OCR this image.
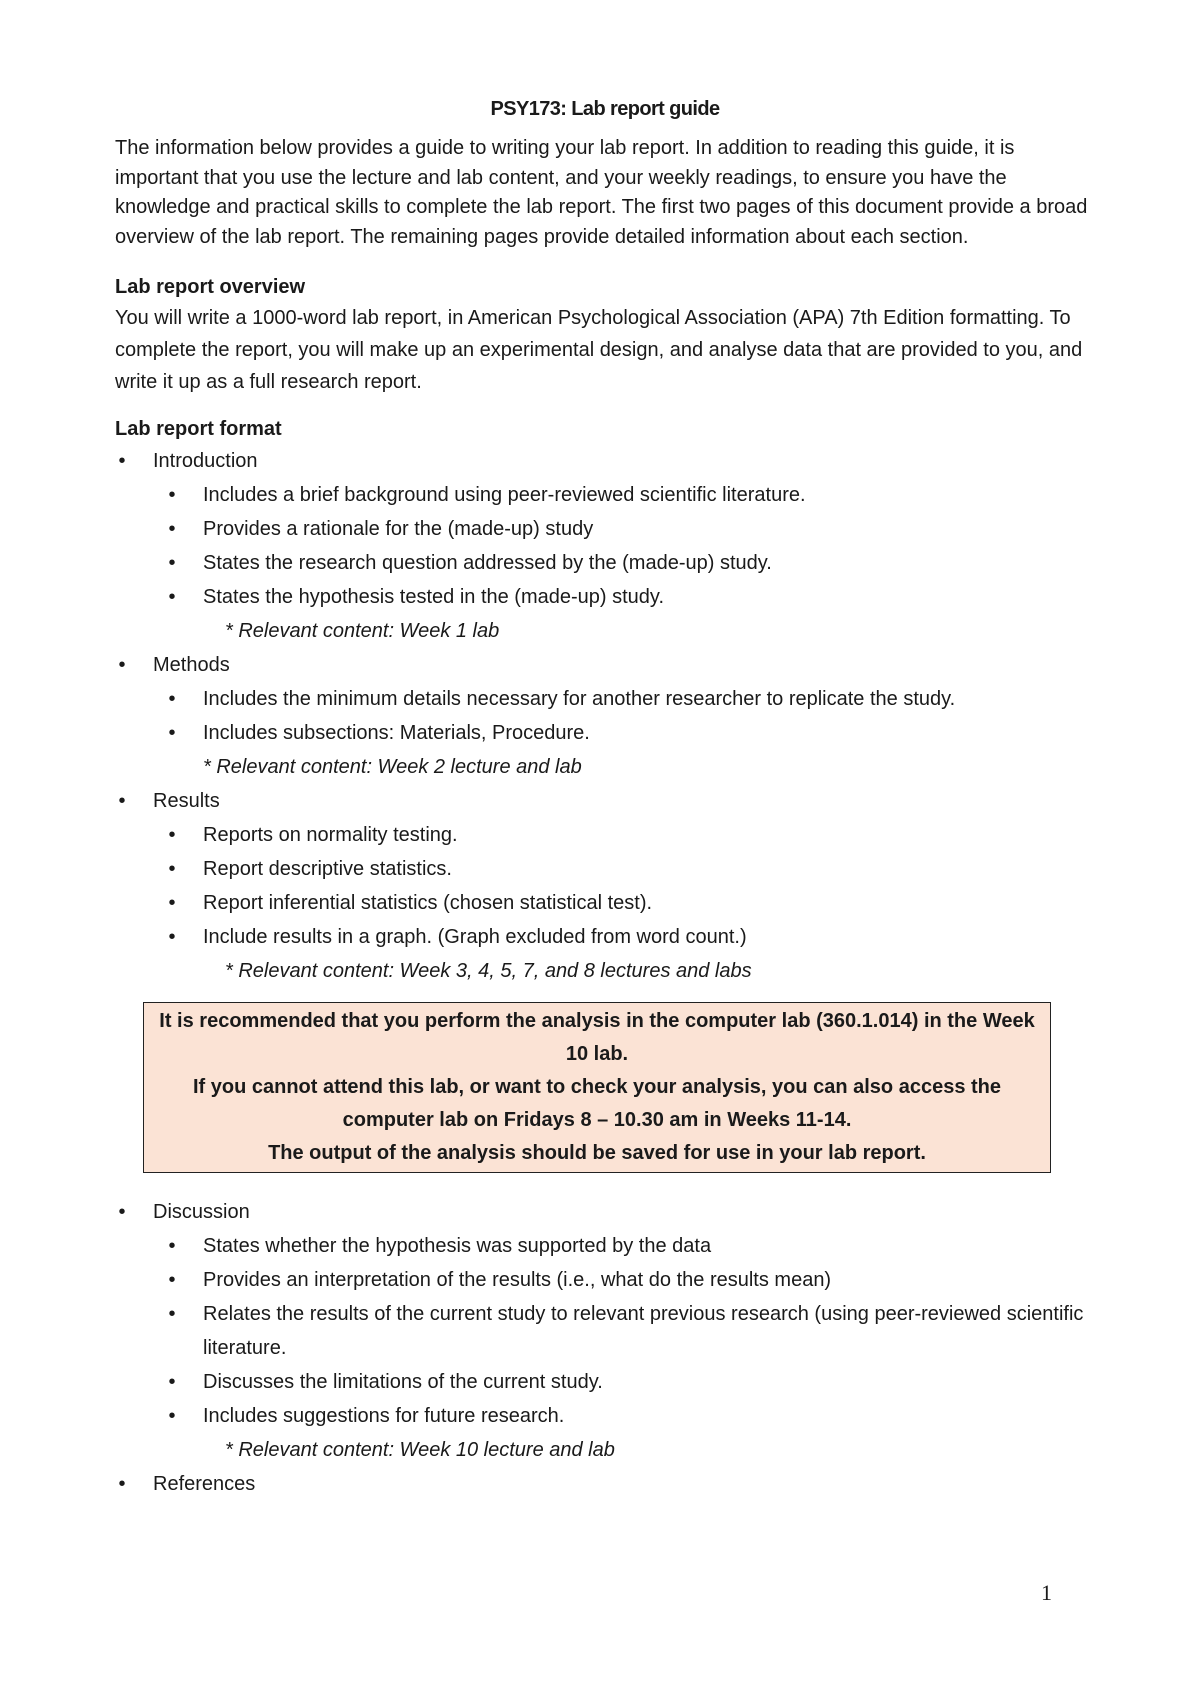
PSY173: Lab report guide

The information below provides a guide to writing your lab report. In addition to reading this guide, it is important that you use the lecture and lab content, and your weekly readings, to ensure you have the knowledge and practical skills to complete the lab report. The first two pages of this document provide a broad overview of the lab report. The remaining pages provide detailed information about each section.

Lab report overview

You will write a 1000-word lab report, in American Psychological Association (APA) 7th Edition formatting. To complete the report, you will make up an experimental design, and analyse data that are provided to you, and write it up as a full research report.

Lab report format

• Introduction
• Includes a brief background using peer-reviewed scientific literature.
• Provides a rationale for the (made-up) study
• States the research question addressed by the (made-up) study.
• States the hypothesis tested in the (made-up) study.
* Relevant content: Week 1 lab
• Methods
• Includes the minimum details necessary for another researcher to replicate the study.
• Includes subsections: Materials, Procedure.
* Relevant content: Week 2 lecture and lab
• Results
• Reports on normality testing.
• Report descriptive statistics.
• Report inferential statistics (chosen statistical test).
• Include results in a graph. (Graph excluded from word count.)
* Relevant content: Week 3, 4, 5, 7, and 8 lectures and labs
It is recommended that you perform the analysis in the computer lab (360.1.014) in the Week 10 lab.
If you cannot attend this lab, or want to check your analysis, you can also access the computer lab on Fridays 8 – 10.30 am in Weeks 11-14.
The output of the analysis should be saved for use in your lab report.
• Discussion
• States whether the hypothesis was supported by the data
• Provides an interpretation of the results (i.e., what do the results mean)
• Relates the results of the current study to relevant previous research (using peer-reviewed scientific literature.
• Discusses the limitations of the current study.
• Includes suggestions for future research.
* Relevant content: Week 10 lecture and lab
• References
1
